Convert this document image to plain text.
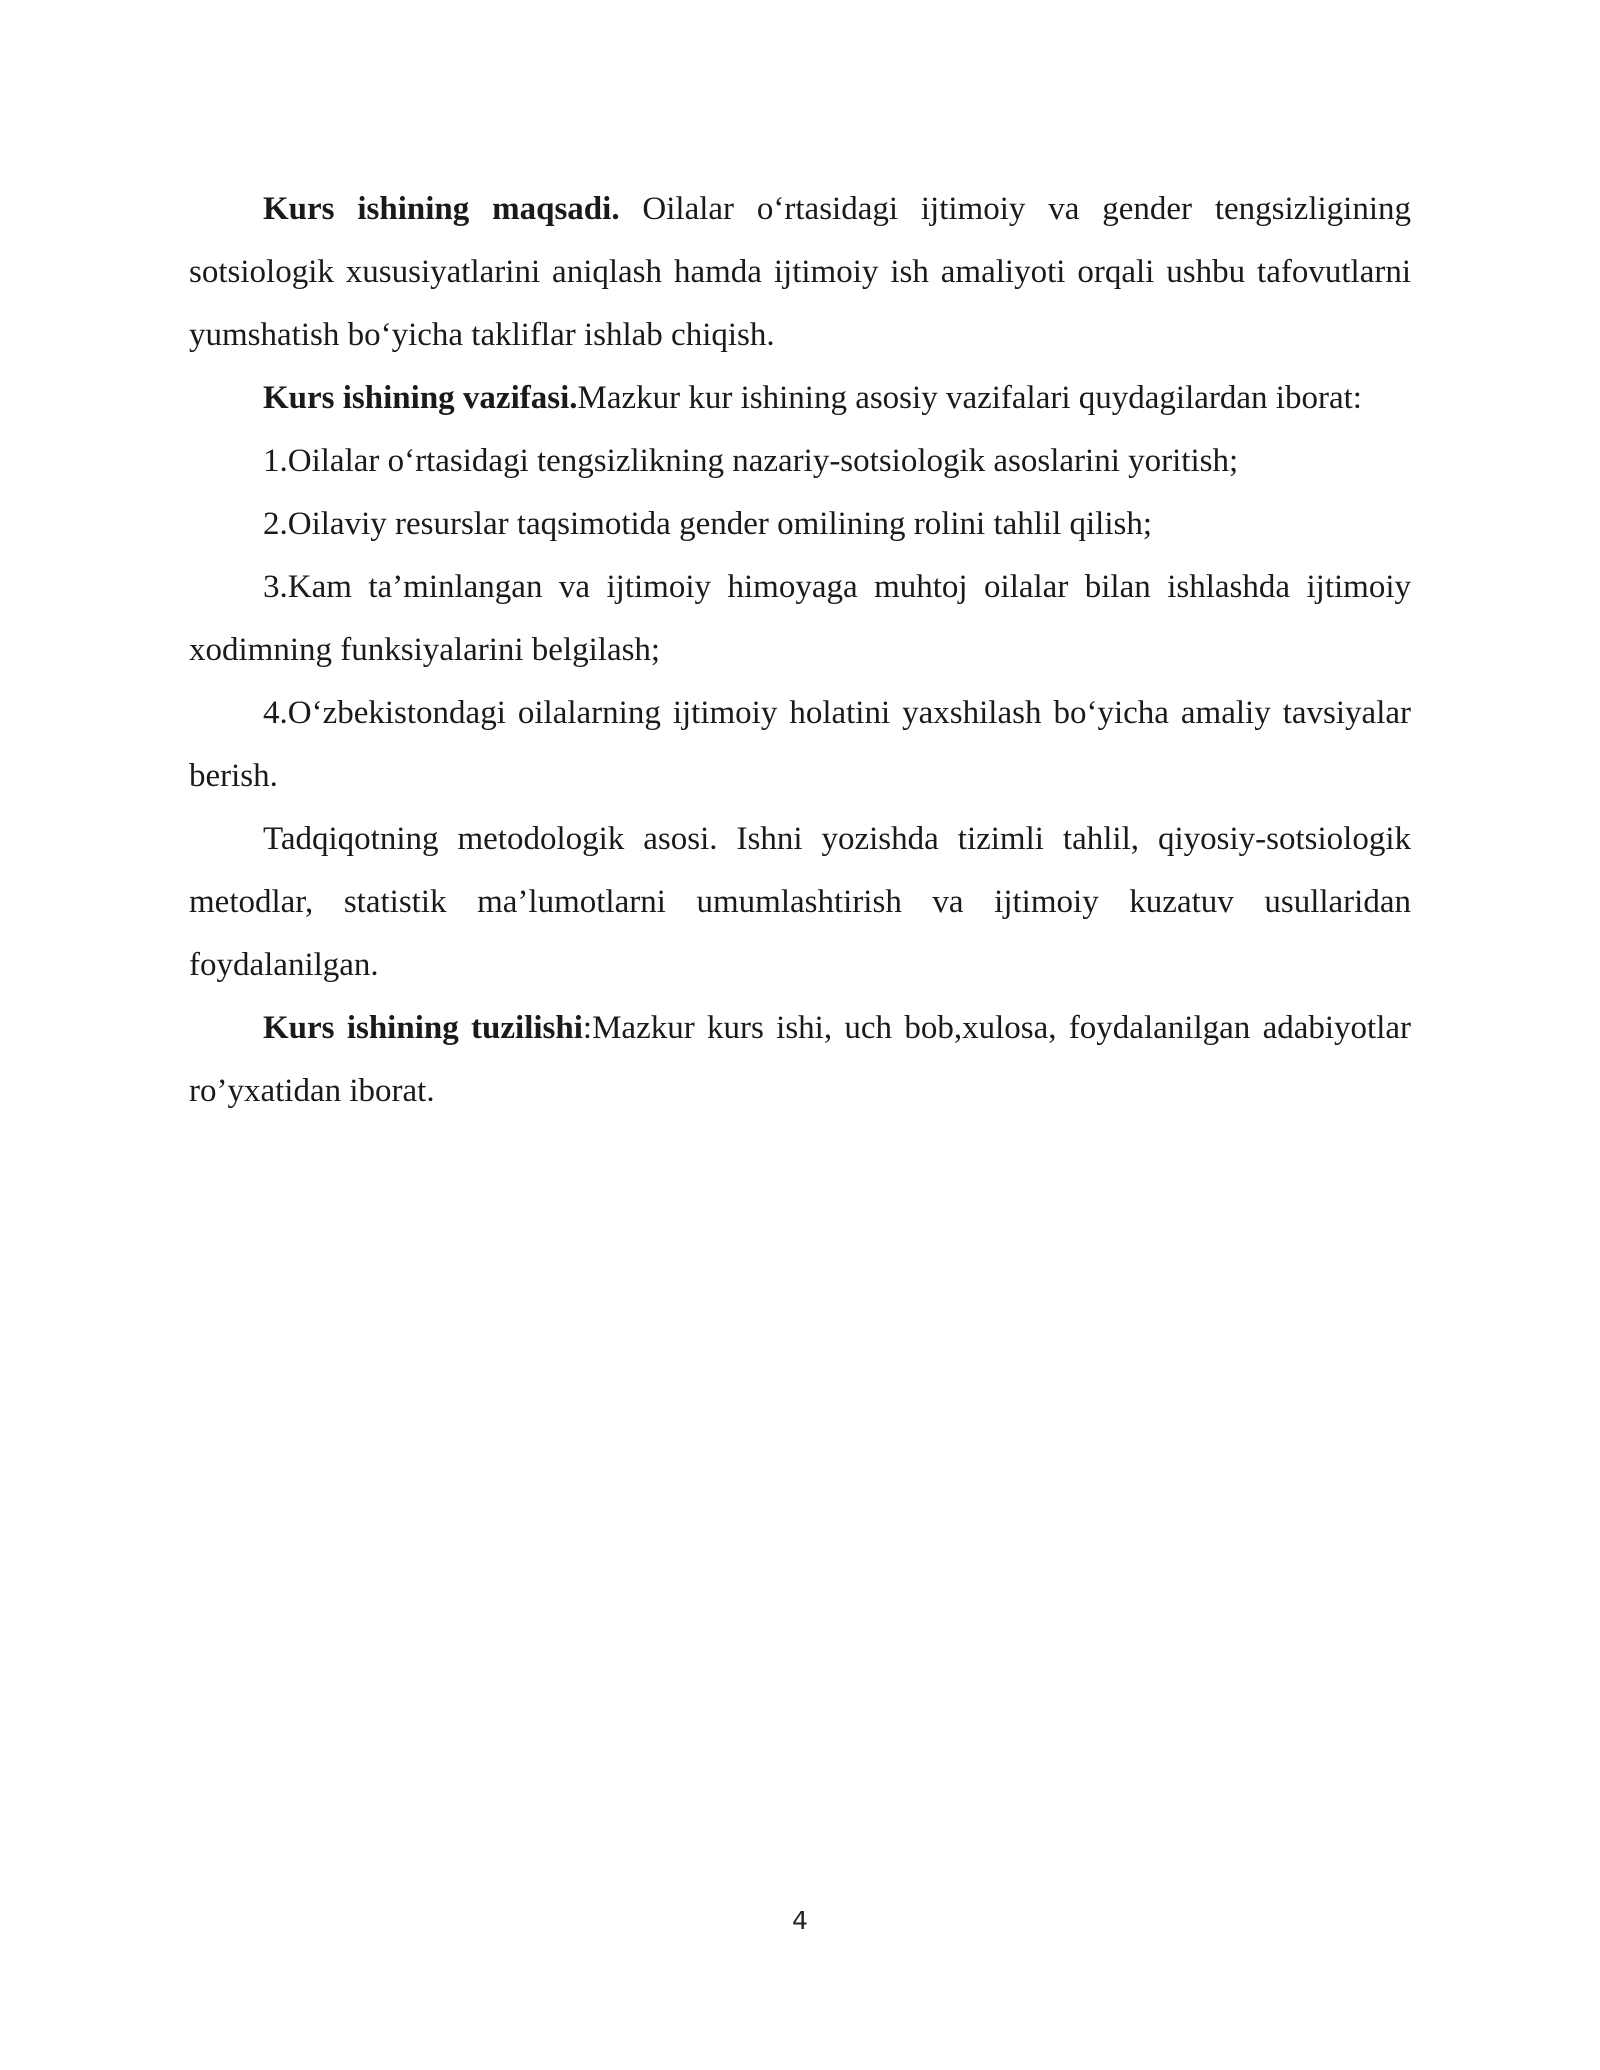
Kurs ishining maqsadi. Oilalar o‘rtasidagi ijtimoiy va gender tengsizligining sotsiologik xususiyatlarini aniqlash hamda ijtimoiy ish amaliyoti orqali ushbu tafovutlarni yumshatish bo‘yicha takliflar ishlab chiqish.

Kurs ishining vazifasi.Mazkur kur ishining asosiy vazifalari quydagilardan iborat:

1.Oilalar o‘rtasidagi tengsizlikning nazariy-sotsiologik asoslarini yoritish;

2.Oilaviy resurslar taqsimotida gender omilining rolini tahlil qilish;

3.Kam ta’minlangan va ijtimoiy himoyaga muhtoj oilalar bilan ishlashda ijtimoiy xodimning funksiyalarini belgilash;

4.O‘zbekistondagi oilalarning ijtimoiy holatini yaxshilash bo‘yicha amaliy tavsiyalar berish.

Tadqiqotning metodologik asosi. Ishni yozishda tizimli tahlil, qiyosiy-sotsiologik metodlar, statistik ma’lumotlarni umumlashtirish va ijtimoiy kuzatuv usullaridan foydalanilgan.

Kurs ishining tuzilishi:Mazkur kurs ishi, uch bob,xulosa, foydalanilgan adabiyotlar ro’yxatidan iborat.

4
